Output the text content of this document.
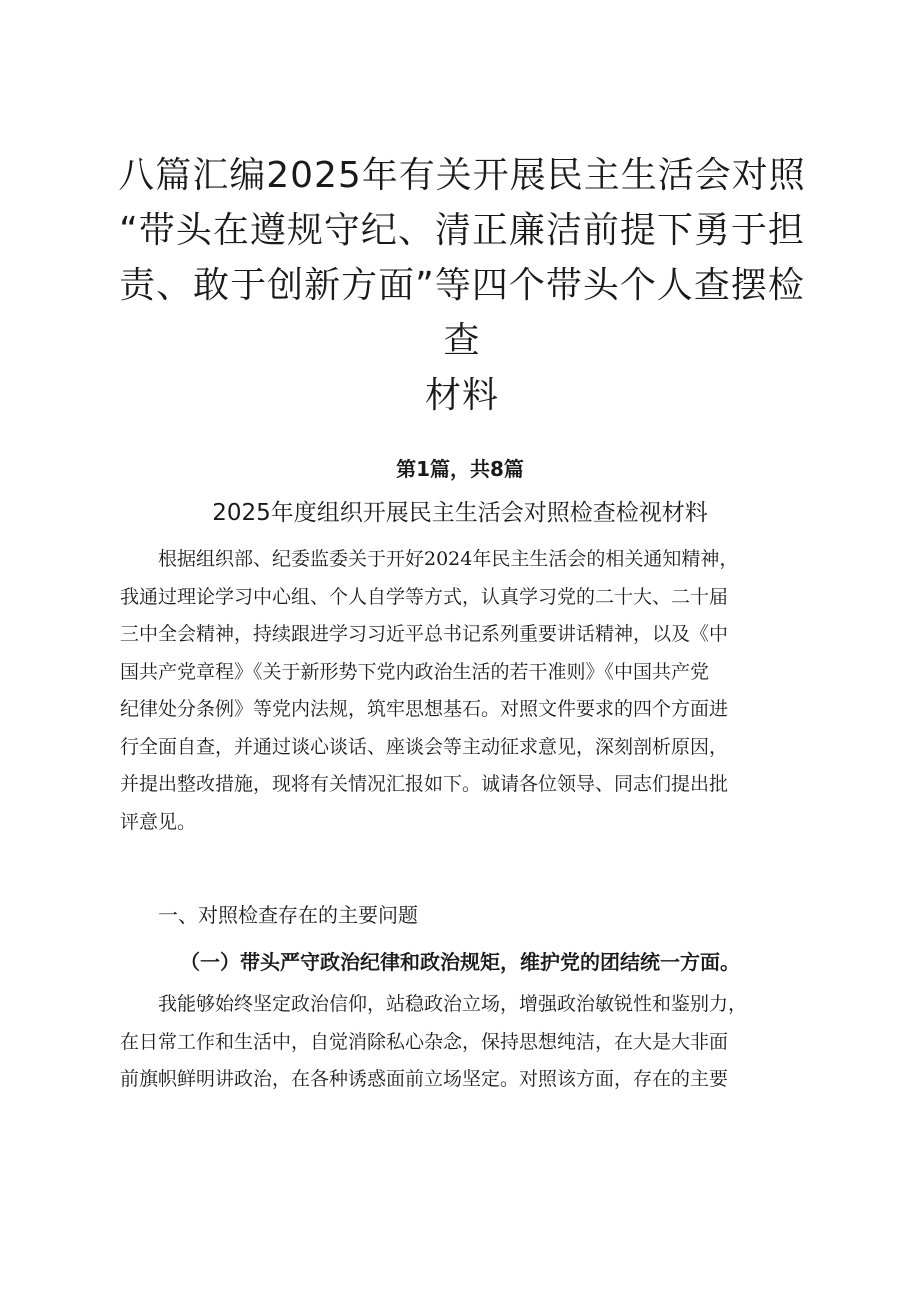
八篇汇编2025年有关开展民主生活会对照
“带头在遵规守纪、清正廉洁前提下勇于担
责、敢于创新方面”等四个带头个人查摆检查
材料
第1篇，共8篇
2025年度组织开展民主生活会对照检查检视材料
根据组织部、纪委监委关于开好2024年民主生活会的相关通知精神，
我通过理论学习中心组、个人自学等方式，认真学习党的二十大、二十届
三中全会精神，持续跟进学习习近平总书记系列重要讲话精神，以及《中
国共产党章程》《关于新形势下党内政治生活的若干准则》《中国共产党
纪律处分条例》等党内法规，筑牢思想基石。对照文件要求的四个方面进
行全面自查，并通过谈心谈话、座谈会等主动征求意见，深刻剖析原因，
并提出整改措施，现将有关情况汇报如下。诚请各位领导、同志们提出批
评意见。
一、对照检查存在的主要问题
（一）带头严守政治纪律和政治规矩，维护党的团结统一方面。
我能够始终坚定政治信仰，站稳政治立场，增强政治敏锐性和鉴别力，
在日常工作和生活中，自觉消除私心杂念，保持思想纯洁，在大是大非面
前旗帜鲜明讲政治，在各种诱惑面前立场坚定。对照该方面，存在的主要
